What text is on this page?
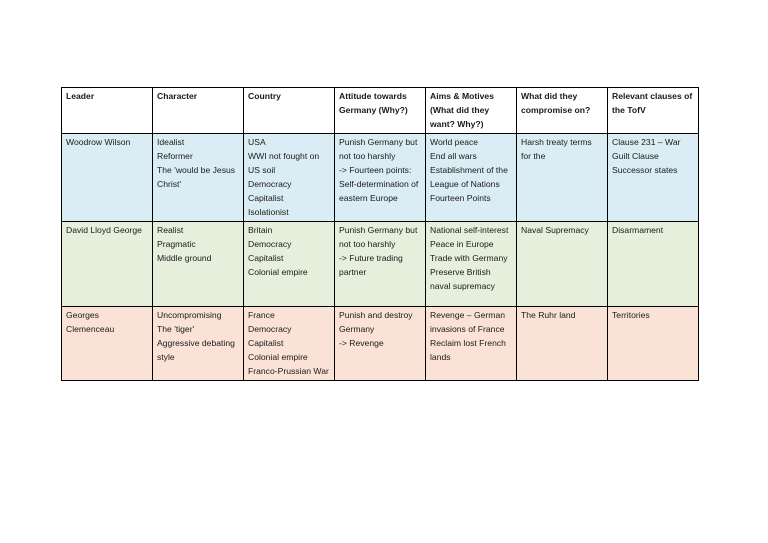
Leader	Character	Country	Attitude towards Germany (Why?)	Aims & Motives (What did they want? Why?)	What did they compromise on?	Relevant clauses of the TofV

Woodrow Wilson	Idealist
Reformer
The 'would be Jesus Christ'	USA
WWI not fought on US soil
Democracy
Capitalist
Isolationist	Punish Germany but not too harshly
-> Fourteen points: Self-determination of eastern Europe	World peace
End all wars
Establishment of the League of Nations
Fourteen Points	Harsh treaty terms for the	Clause 231 – War Guilt Clause
Successor states

David Lloyd George	Realist
Pragmatic
Middle ground	Britain
Democracy
Capitalist
Colonial empire	Punish Germany but not too harshly
-> Future trading partner	National self-interest
Peace in Europe
Trade with Germany
Preserve British naval supremacy	Naval Supremacy	Disarmament

Georges Clemenceau	Uncompromising
The 'tiger'
Aggressive debating style	France
Democracy
Capitalist
Colonial empire
Franco-Prussian War	Punish and destroy Germany
-> Revenge	Revenge – German invasions of France
Reclaim lost French lands	The Ruhr land	Territories
